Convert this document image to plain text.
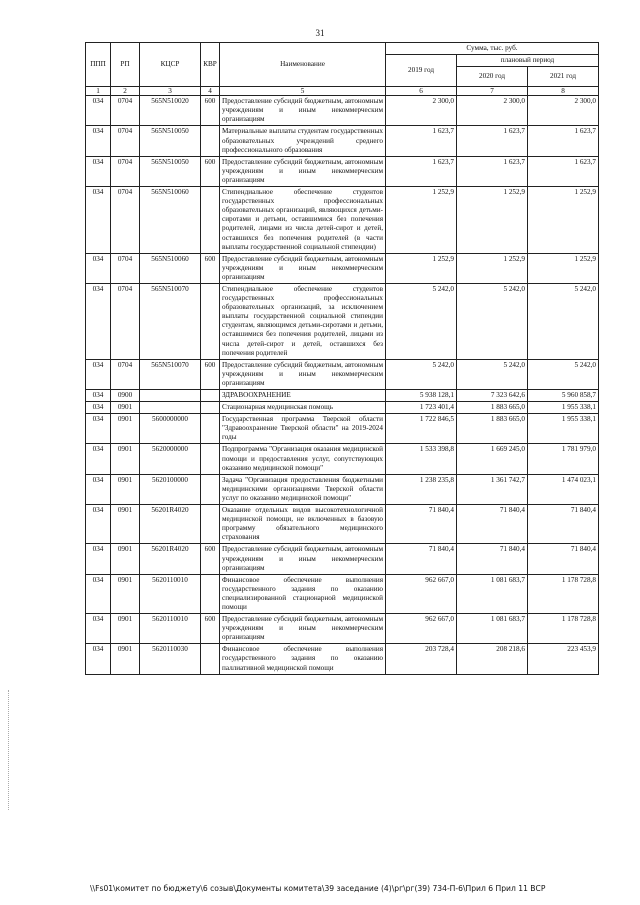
31
ППП	РП	КЦСР	КВР	Наименование	Сумма, тыс. руб.		
					2019 год	плановый период	
						2020 год	2021 год
1	2	3	4	5	6	7	8
034	0704	565N510020	600	Предоставление субсидий бюджетным, автономным учреждениям и иным некоммерческим организациям	2 300,0	2 300,0	2 300,0
034	0704	565N510050		Материальные выплаты студентам государственных образовательных учреждений среднего профессионального образования	1 623,7	1 623,7	1 623,7
034	0704	565N510050	600	Предоставление субсидий бюджетным, автономным учреждениям и иным некоммерческим организациям	1 623,7	1 623,7	1 623,7
034	0704	565N510060		Стипендиальное обеспечение студентов государственных профессиональных образовательных организаций, являющихся детьми-сиротами и детьми, оставшимися без попечения родителей, лицами из числа детей-сирот и детей, оставшихся без попечения родителей (в части выплаты государственной социальной стипендии)	1 252,9	1 252,9	1 252,9
034	0704	565N510060	600	Предоставление субсидий бюджетным, автономным учреждениям и иным некоммерческим организациям	1 252,9	1 252,9	1 252,9
034	0704	565N510070		Стипендиальное обеспечение студентов государственных профессиональных образовательных организаций, за исключением выплаты государственной социальной стипендии студентам, являющимся детьми-сиротами и детьми, оставшимися без попечения родителей, лицами из числа детей-сирот и детей, оставшихся без попечения родителей	5 242,0	5 242,0	5 242,0
034	0704	565N510070	600	Предоставление субсидий бюджетным, автономным учреждениям и иным некоммерческим организациям	5 242,0	5 242,0	5 242,0
034	0900			ЗДРАВООХРАНЕНИЕ	5 938 128,1	7 323 642,6	5 960 858,7
034	0901			Стационарная медицинская помощь	1 723 401,4	1 883 665,0	1 955 338,1
034	0901	5600000000		Государственная программа Тверской области "Здравоохранение Тверской области" на 2019-2024 годы	1 722 846,5	1 883 665,0	1 955 338,1
034	0901	5620000000		Подпрограмма "Организация оказания медицинской помощи и предоставления услуг, сопутствующих оказанию медицинской помощи"	1 533 398,8	1 669 245,0	1 781 979,0
034	0901	5620100000		Задача "Организация предоставления бюджетными медицинскими организациями Тверской области услуг по оказанию медицинской помощи"	1 238 235,8	1 361 742,7	1 474 023,1
034	0901	56201R4020		Оказание отдельных видов высокотехнологичной медицинской помощи, не включенных в базовую программу обязательного медицинского страхования	71 840,4	71 840,4	71 840,4
034	0901	56201R4020	600	Предоставление субсидий бюджетным, автономным учреждениям и иным некоммерческим организациям	71 840,4	71 840,4	71 840,4
034	0901	5620110010		Финансовое обеспечение выполнения государственного задания по оказанию специализированной стационарной медицинской помощи	962 667,0	1 081 683,7	1 178 728,8
034	0901	5620110010	600	Предоставление субсидий бюджетным, автономным учреждениям и иным некоммерческим организациям	962 667,0	1 081 683,7	1 178 728,8
034	0901	5620110030		Финансовое обеспечение выполнения государственного задания по оказанию паллиативной медицинской помощи	203 728,4	208 218,6	223 453,9
\\Fs01\комитет по бюджету\6 созыв\Документы комитета\39 заседание (4)\рг\рг(39) 734-П-6\Прил 6 Прил 11 ВСР
